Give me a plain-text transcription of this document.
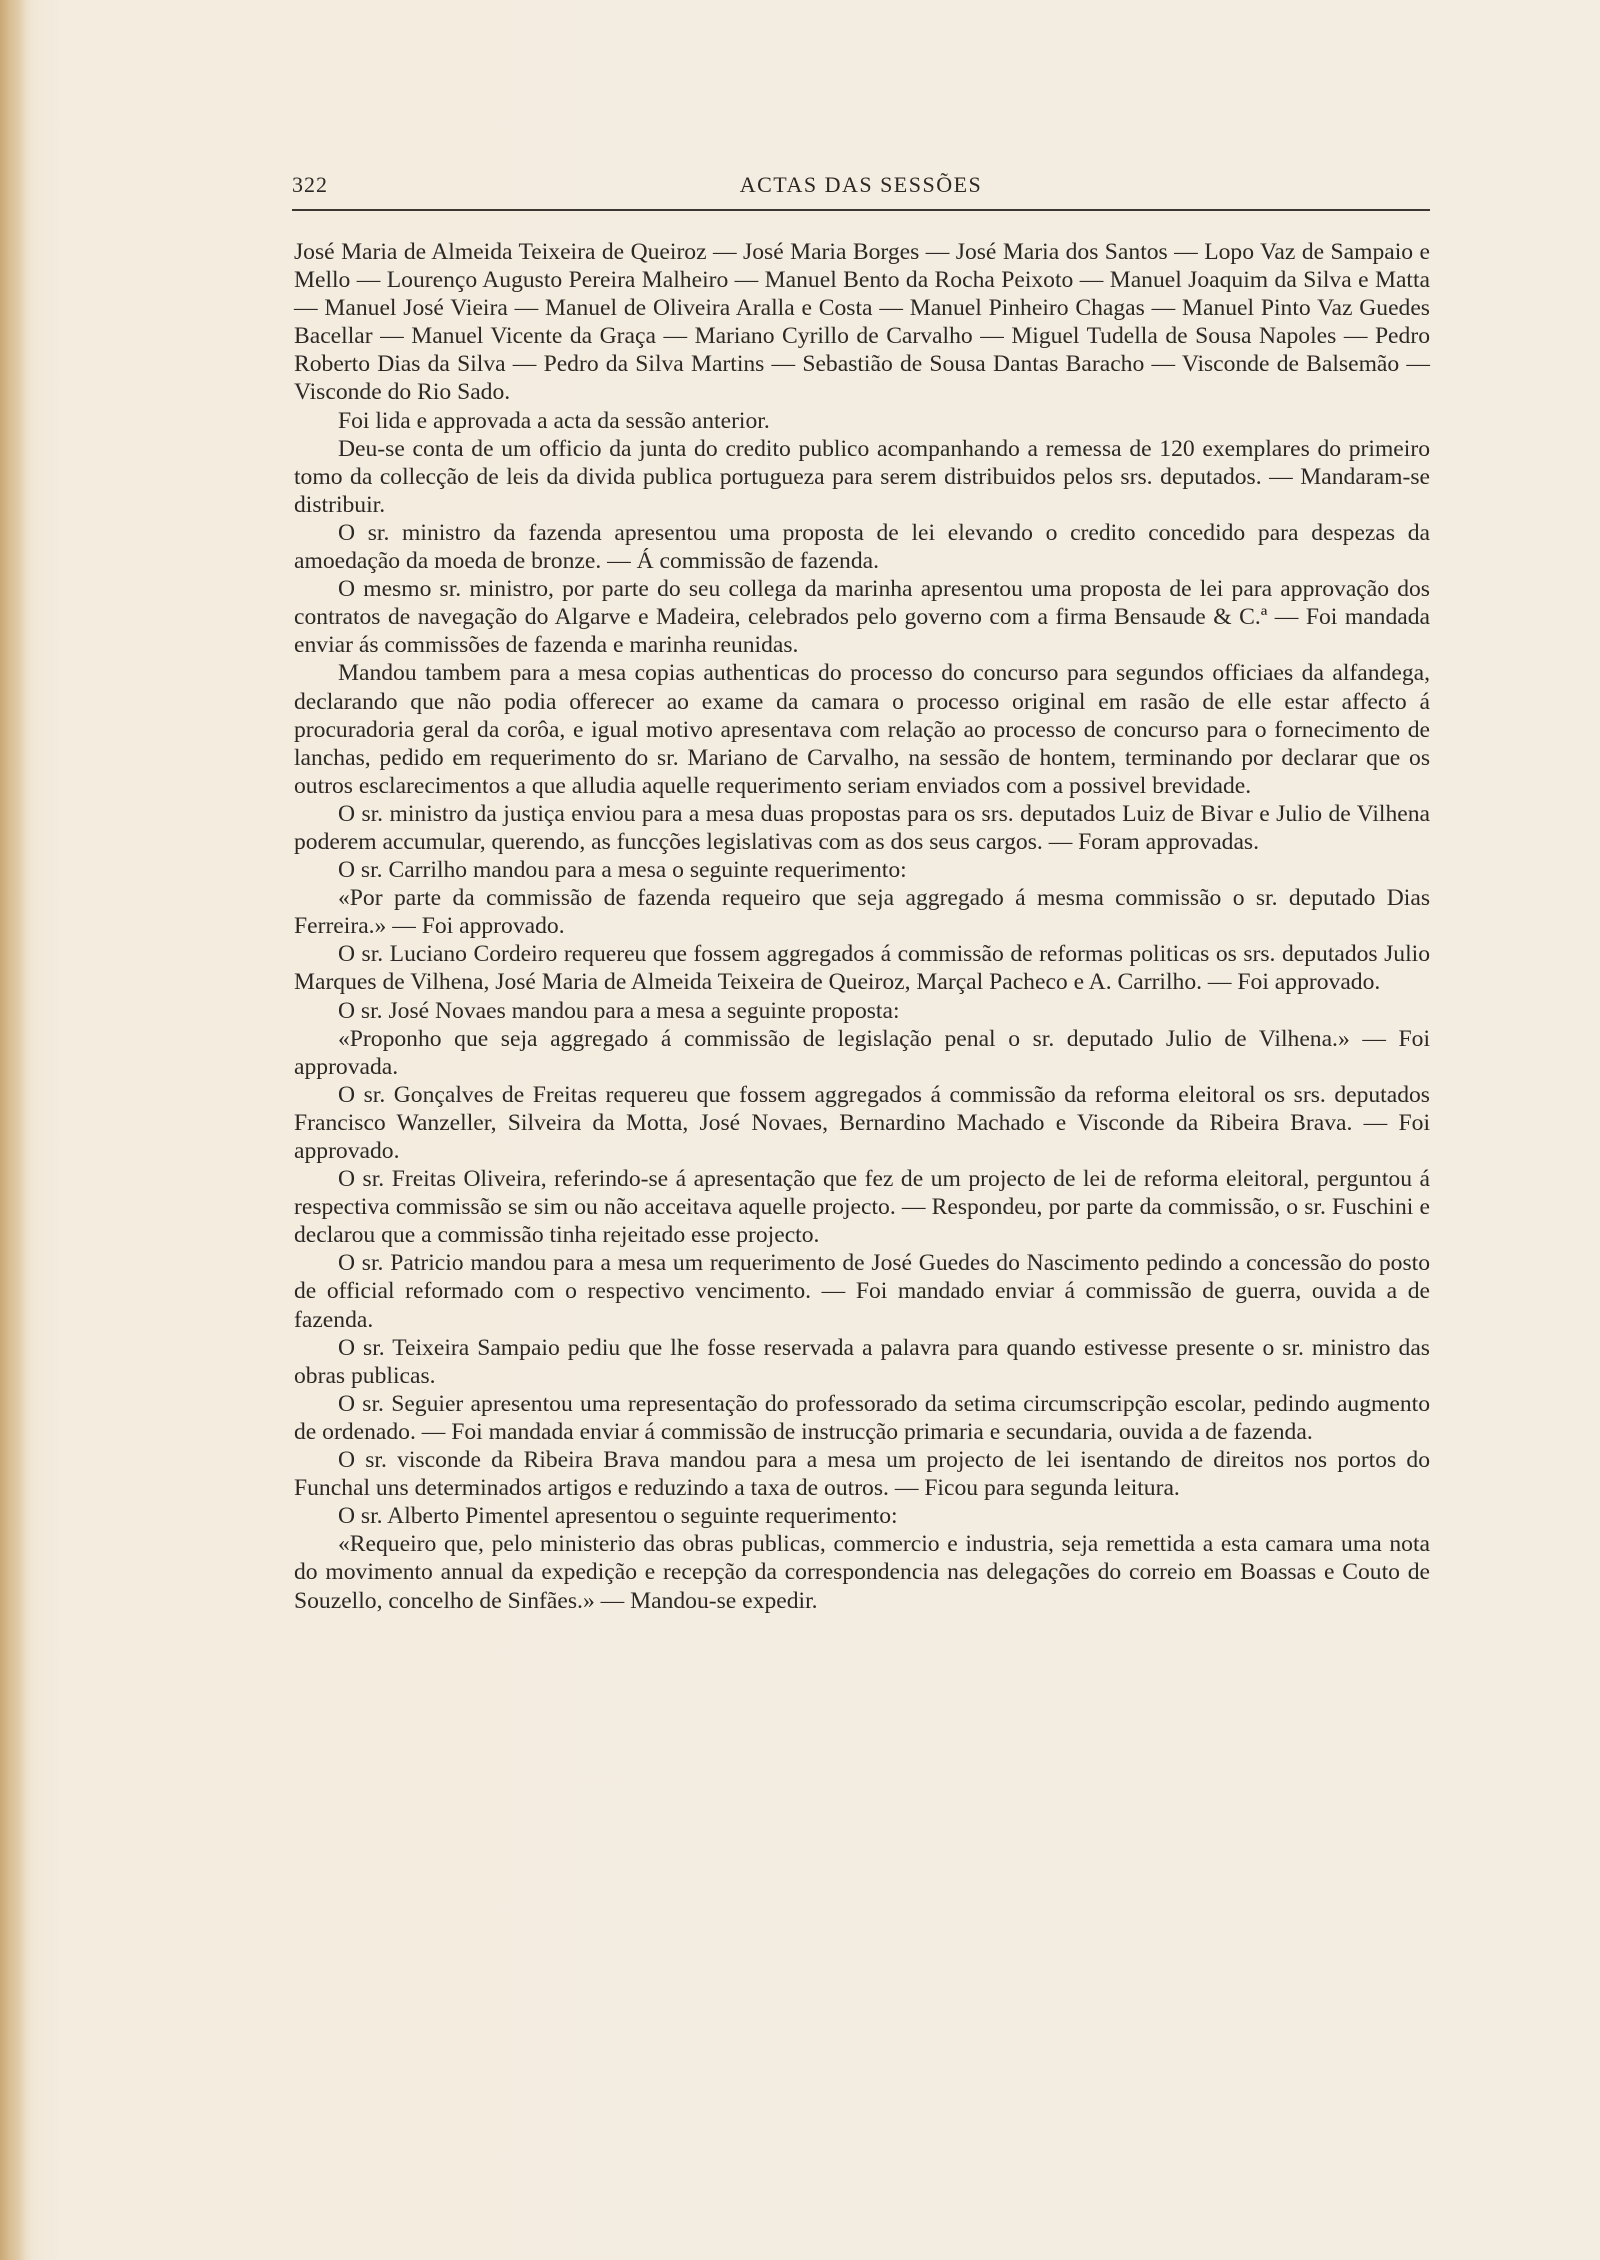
322	ACTAS DAS SESSÕES

José Maria de Almeida Teixeira de Queiroz — José Maria Borges — José Maria dos Santos — Lopo Vaz de Sampaio e Mello — Lourenço Augusto Pereira Malheiro — Manuel Bento da Rocha Peixoto — Manuel Joaquim da Silva e Matta — Manuel José Vieira — Manuel de Oliveira Aralla e Costa — Manuel Pinheiro Chagas — Manuel Pinto Vaz Guedes Bacellar — Manuel Vicente da Graça — Mariano Cyrillo de Carvalho — Miguel Tudella de Sousa Napoles — Pedro Roberto Dias da Silva — Pedro da Silva Martins — Sebastião de Sousa Dantas Baracho — Visconde de Balsemão — Visconde do Rio Sado.

Foi lida e approvada a acta da sessão anterior.

Deu-se conta de um officio da junta do credito publico acompanhando a remessa de 120 exemplares do primeiro tomo da collecção de leis da divida publica portugueza para serem distribuidos pelos srs. deputados. — Mandaram-se distribuir.

O sr. ministro da fazenda apresentou uma proposta de lei elevando o credito concedido para despezas da amoedação da moeda de bronze. — Á commissão de fazenda.

O mesmo sr. ministro, por parte do seu collega da marinha apresentou uma proposta de lei para approvação dos contratos de navegação do Algarve e Madeira, celebrados pelo governo com a firma Bensaude & C.ª — Foi mandada enviar ás commissões de fazenda e marinha reunidas.

Mandou tambem para a mesa copias authenticas do processo do concurso para segundos officiaes da alfandega, declarando que não podia offerecer ao exame da camara o processo original em rasão de elle estar affecto á procuradoria geral da corôa, e igual motivo apresentava com relação ao processo de concurso para o fornecimento de lanchas, pedido em requerimento do sr. Mariano de Carvalho, na sessão de hontem, terminando por declarar que os outros esclarecimentos a que alludia aquelle requerimento seriam enviados com a possivel brevidade.

O sr. ministro da justiça enviou para a mesa duas propostas para os srs. deputados Luiz de Bivar e Julio de Vilhena poderem accumular, querendo, as funcções legislativas com as dos seus cargos. — Foram approvadas.

O sr. Carrilho mandou para a mesa o seguinte requerimento:

«Por parte da commissão de fazenda requeiro que seja aggregado á mesma commissão o sr. deputado Dias Ferreira.» — Foi approvado.

O sr. Luciano Cordeiro requereu que fossem aggregados á commissão de reformas politicas os srs. deputados Julio Marques de Vilhena, José Maria de Almeida Teixeira de Queiroz, Marçal Pacheco e A. Carrilho. — Foi approvado.

O sr. José Novaes mandou para a mesa a seguinte proposta:

«Proponho que seja aggregado á commissão de legislação penal o sr. deputado Julio de Vilhena.» — Foi approvada.

O sr. Gonçalves de Freitas requereu que fossem aggregados á commissão da reforma eleitoral os srs. deputados Francisco Wanzeller, Silveira da Motta, José Novaes, Bernardino Machado e Visconde da Ribeira Brava. — Foi approvado.

O sr. Freitas Oliveira, referindo-se á apresentação que fez de um projecto de lei de reforma eleitoral, perguntou á respectiva commissão se sim ou não acceitava aquelle projecto. — Respondeu, por parte da commissão, o sr. Fuschini e declarou que a commissão tinha rejeitado esse projecto.

O sr. Patricio mandou para a mesa um requerimento de José Guedes do Nascimento pedindo a concessão do posto de official reformado com o respectivo vencimento. — Foi mandado enviar á commissão de guerra, ouvida a de fazenda.

O sr. Teixeira Sampaio pediu que lhe fosse reservada a palavra para quando estivesse presente o sr. ministro das obras publicas.

O sr. Seguier apresentou uma representação do professorado da setima circumscripção escolar, pedindo augmento de ordenado. — Foi mandada enviar á commissão de instrucção primaria e secundaria, ouvida a de fazenda.

O sr. visconde da Ribeira Brava mandou para a mesa um projecto de lei isentando de direitos nos portos do Funchal uns determinados artigos e reduzindo a taxa de outros. — Ficou para segunda leitura.

O sr. Alberto Pimentel apresentou o seguinte requerimento:

«Requeiro que, pelo ministerio das obras publicas, commercio e industria, seja remettida a esta camara uma nota do movimento annual da expedição e recepção da correspondencia nas delegações do correio em Boassas e Couto de Souzello, concelho de Sinfães.» — Mandou-se expedir.
